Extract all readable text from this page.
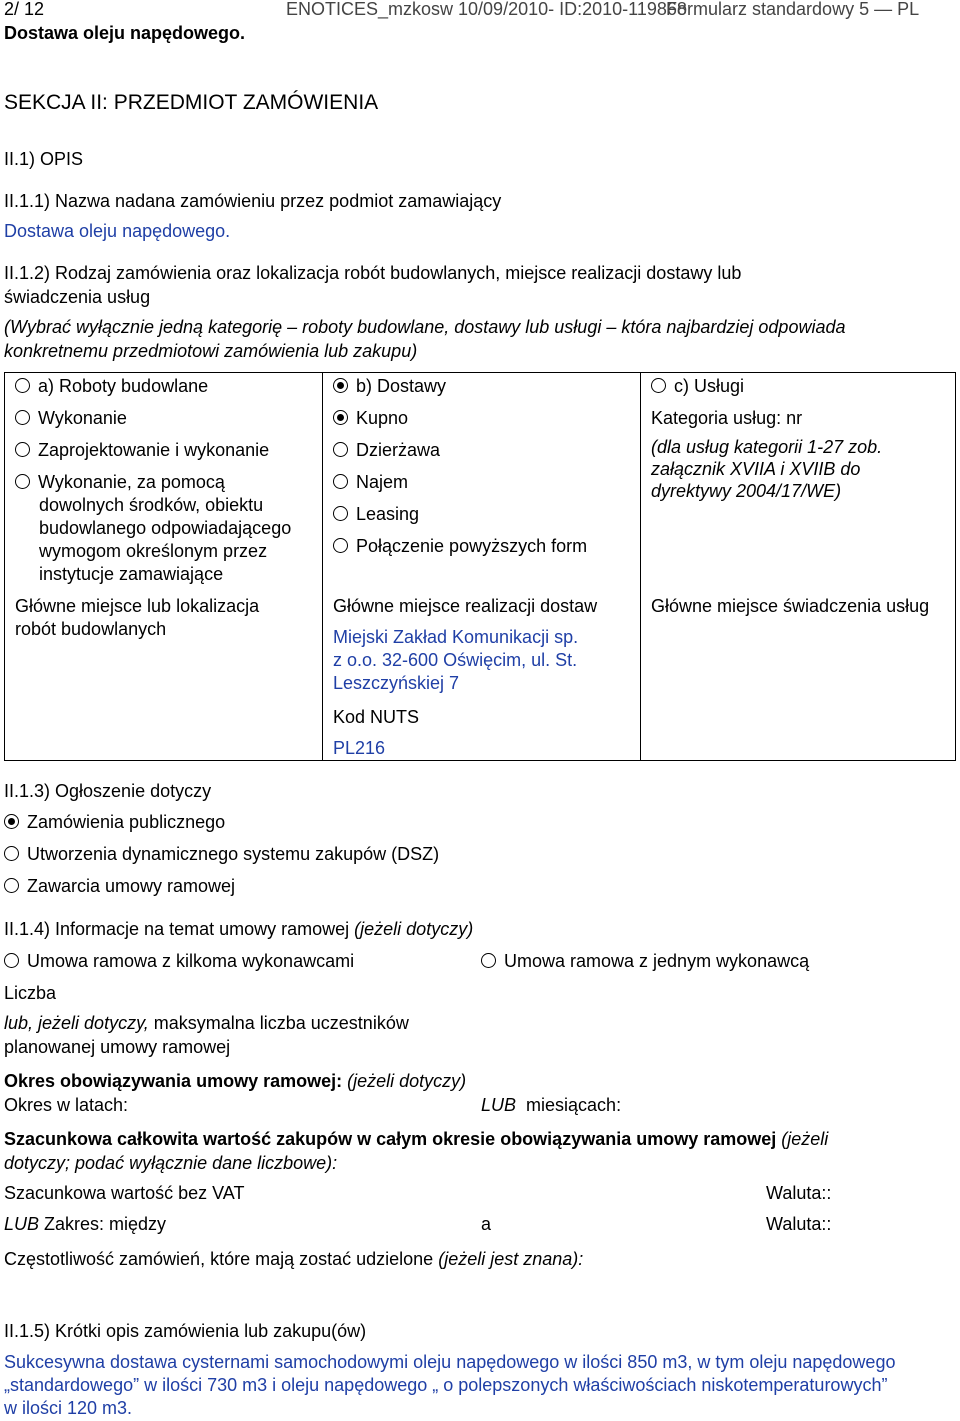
2/ 12	ENOTICES_mzkosw 10/09/2010- ID:2010-119868
Formularz standardowy 5 — PL
Dostawa oleju napędowego.
SEKCJA II: PRZEDMIOT ZAMÓWIENIA
II.1) OPIS
II.1.1) Nazwa nadana zamówieniu przez podmiot zamawiający
Dostawa oleju napędowego.
II.1.2) Rodzaj zamówienia oraz lokalizacja robót budowlanych, miejsce realizacji dostawy lub
świadczenia usług
(Wybrać wyłącznie jedną kategorię – roboty budowlane, dostawy lub usługi – która najbardziej odpowiada
konkretnemu przedmiotowi zamówienia lub zakupu)
a) Roboty budowlane
Wykonanie
Zaprojektowanie i wykonanie
Wykonanie, za pomocą
dowolnych środków, obiektu
budowlanego odpowiadającego
wymogom określonym przez
instytucje zamawiające
Główne miejsce lub lokalizacja
robót budowlanych
b) Dostawy
Kupno
Dzierżawa
Najem
Leasing
Połączenie powyższych form
Główne miejsce realizacji dostaw
Miejski Zakład Komunikacji sp.
z o.o. 32-600 Oświęcim, ul. St.
Leszczyńskiej 7
Kod NUTS
PL216
c) Usługi
Kategoria usług: nr
(dla usług kategorii 1-27 zob.
załącznik XVIIA i XVIIB do
dyrektywy 2004/17/WE)
Główne miejsce świadczenia usług
II.1.3) Ogłoszenie dotyczy
Zamówienia publicznego
Utworzenia dynamicznego systemu zakupów (DSZ)
Zawarcia umowy ramowej
II.1.4) Informacje na temat umowy ramowej (jeżeli dotyczy)
Umowa ramowa z kilkoma wykonawcami	Umowa ramowa z jednym wykonawcą
Liczba
lub, jeżeli dotyczy, maksymalna liczba uczestników
planowanej umowy ramowej
Okres obowiązywania umowy ramowej: (jeżeli dotyczy)
Okres w latach:	LUB miesiącach:
Szacunkowa całkowita wartość zakupów w całym okresie obowiązywania umowy ramowej (jeżeli
dotyczy; podać wyłącznie dane liczbowe):
Szacunkowa wartość bez VAT	Waluta::
LUB Zakres: między	a	Waluta::
Częstotliwość zamówień, które mają zostać udzielone (jeżeli jest znana):
II.1.5) Krótki opis zamówienia lub zakupu(ów)
Sukcesywna dostawa cysternami samochodowymi oleju napędowego w ilości 850 m3, w tym oleju napędowego
„standardowego” w ilości 730 m3 i oleju napędowego „ o polepszonych właściwościach niskotemperaturowych”
w ilości 120 m3.
